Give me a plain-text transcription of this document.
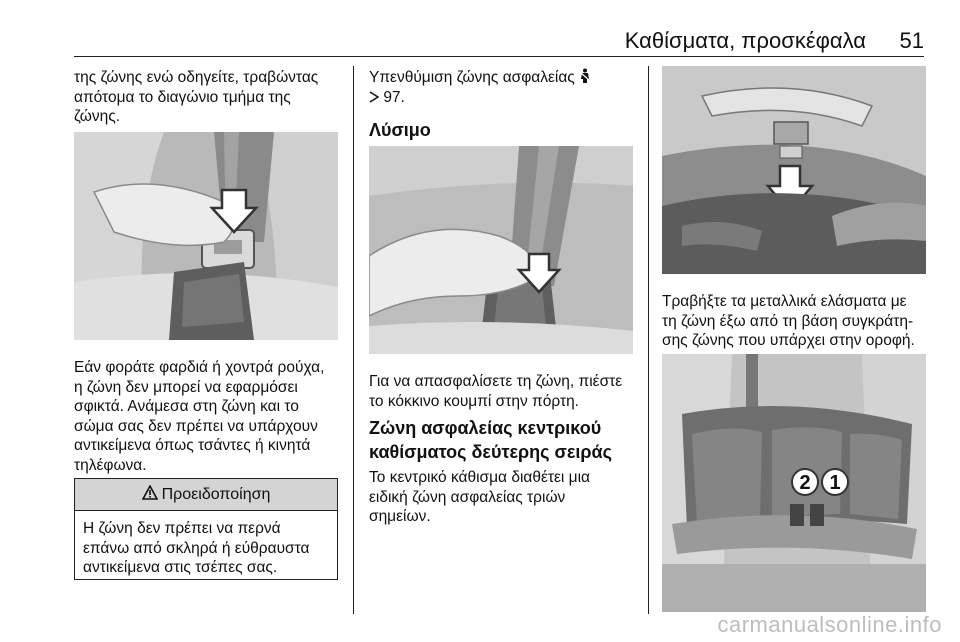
Καθίσματα, προσκέφαλα 51
της ζώνης ενώ οδηγείτε, τραβώντας
απότομα το διαγώνιο τμήμα της
ζώνης.
Εάν φοράτε φαρδιά ή χοντρά ρούχα,
η ζώνη δεν μπορεί να εφαρμόσει
σφικτά. Ανάμεσα στη ζώνη και το
σώμα σας δεν πρέπει να υπάρχουν
αντικείμενα όπως τσάντες ή κινητά
τηλέφωνα.
Προειδοποίηση
Η ζώνη δεν πρέπει να περνά
επάνω από σκληρά ή εύθραυστα
αντικείμενα στις τσέπες σας.
Υπενθύμιση ζώνης ασφαλείας
97.
Λύσιμο
Για να απασφαλίσετε τη ζώνη, πιέστε
το κόκκινο κουμπί στην πόρτη.
Ζώνη ασφαλείας κεντρικού
καθίσματος δεύτερης σειράς
Το κεντρικό κάθισμα διαθέτει μια
ειδική ζώνη ασφαλείας τριών
σημείων.
Τραβήξτε τα μεταλλικά ελάσματα με
τη ζώνη έξω από τη βάση συγκράτη-
σης ζώνης που υπάρχει στην οροφή.
2 1
carmanualsonline.info
